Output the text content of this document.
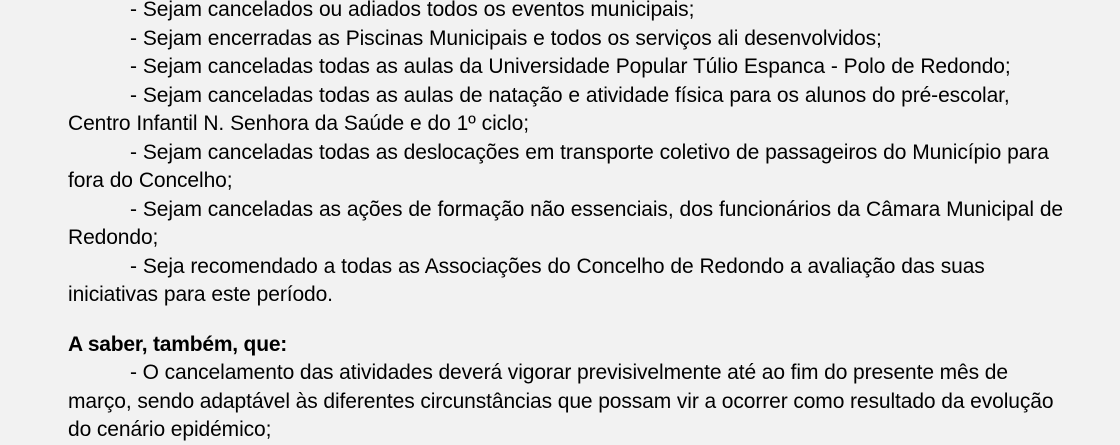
- Sejam cancelados ou adiados todos os eventos municipais;
- Sejam encerradas as Piscinas Municipais e todos os serviços ali desenvolvidos;
- Sejam canceladas todas as aulas da Universidade Popular Túlio Espanca - Polo de Redondo;
- Sejam canceladas todas as aulas de natação e atividade física para os alunos do pré-escolar, Centro Infantil N. Senhora da Saúde e do 1º ciclo;
- Sejam canceladas todas as deslocações em transporte coletivo de passageiros do Município para fora do Concelho;
- Sejam canceladas as ações de formação não essenciais, dos funcionários da Câmara Municipal de Redondo;
- Seja recomendado a todas as Associações do Concelho de Redondo a avaliação das suas iniciativas para este período.

A saber, também, que:

- O cancelamento das atividades deverá vigorar previsivelmente até ao fim do presente mês de março, sendo adaptável às diferentes circunstâncias que possam vir a ocorrer como resultado da evolução do cenário epidémico;
